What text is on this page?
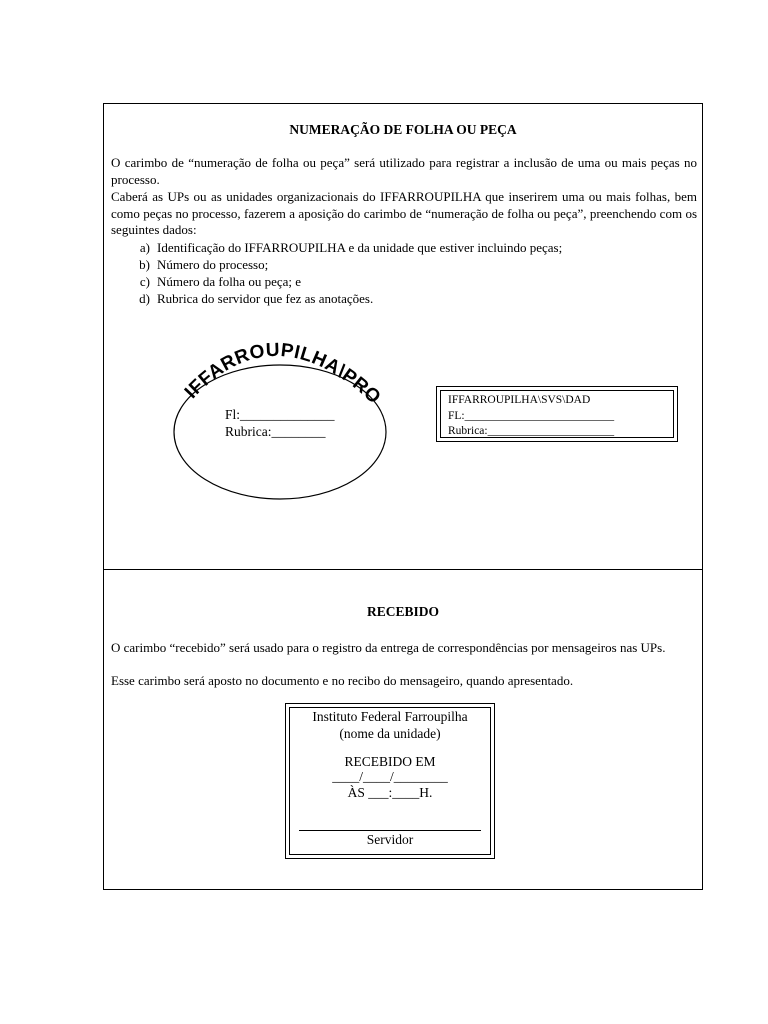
NUMERAÇÃO DE FOLHA OU PEÇA

O carimbo de “numeração de folha ou peça” será utilizado para registrar a inclusão de uma ou mais peças no processo.

Caberá as UPs ou as unidades organizacionais do IFFARROUPILHA que inserirem uma ou mais folhas, bem como peças no processo, fazerem a aposição do carimbo de “numeração de folha ou peça”, preenchendo com os seguintes dados:

a) Identificação do IFFARROUPILHA e da unidade que estiver incluindo peças;
b) Número do processo;
c) Número da folha ou peça; e
d) Rubrica do servidor que fez as anotações.
IFFARROUPILHA\PRO
Fl:______________
Rubrica:________
IFFARROUPILHA\SVS\DAD
FL:__________________________
Rubrica:______________________
RECEBIDO

O carimbo “recebido” será usado para o registro da entrega de correspondências por mensageiros nas UPs.

Esse carimbo será aposto no documento e no recibo do mensageiro, quando apresentado.

Instituto Federal Farroupilha
(nome da unidade)
RECEBIDO EM
____/____/________
ÀS ___:____H.
Servidor
